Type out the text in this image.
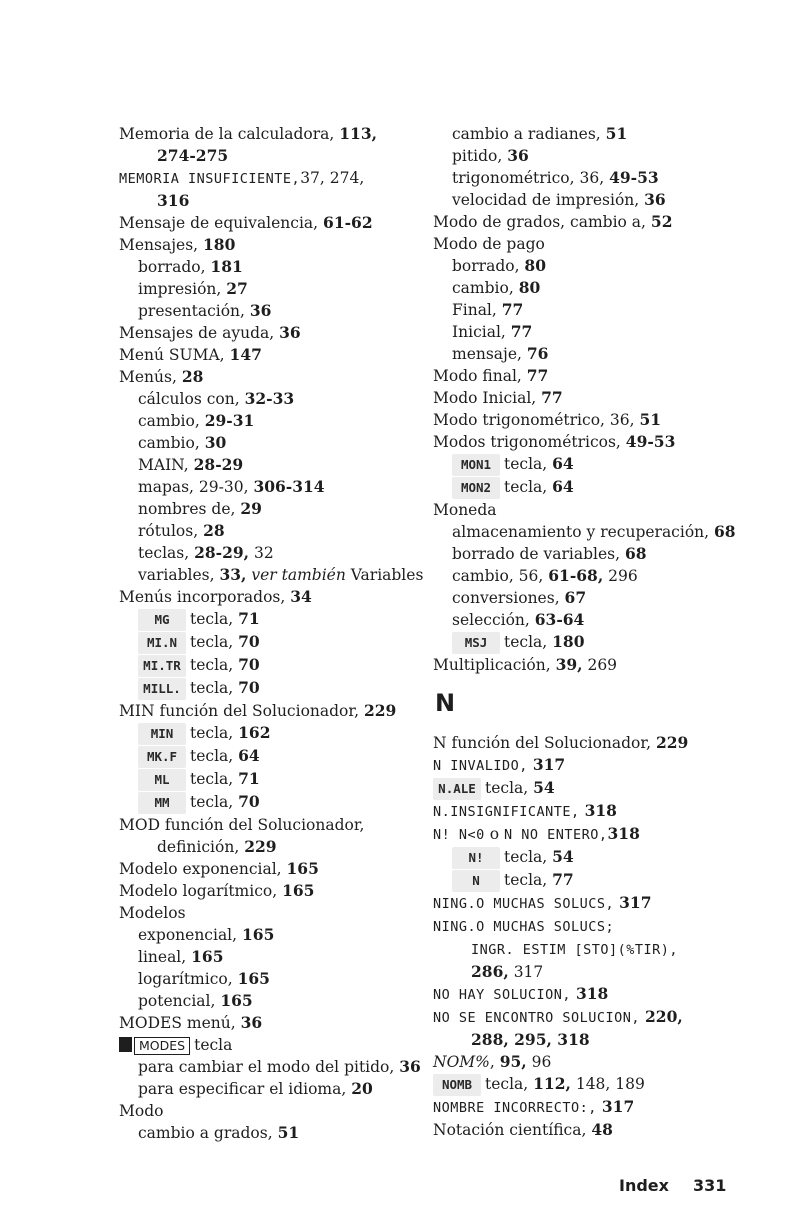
Memoria de la calculadora, 113,
274-275
MEMORIA INSUFICIENTE,37, 274,
316
Mensaje de equivalencia, 61-62
Mensajes, 180
borrado, 181
impresión, 27
presentación, 36
Mensajes de ayuda, 36
Menú SUMA, 147
Menús, 28
cálculos con, 32-33
cambio, 29-31
cambio, 30
MAIN, 28-29
mapas, 29-30, 306-314
nombres de, 29
rótulos, 28
teclas, 28-29, 32
variables, 33, ver también Variables
Menús incorporados, 34
MG tecla, 71
MI.N tecla, 70
MI.TR tecla, 70
MILL. tecla, 70
MIN función del Solucionador, 229
MIN tecla, 162
MK.F tecla, 64
ML tecla, 71
MM tecla, 70
MOD función del Solucionador,
definición, 229
Modelo exponencial, 165
Modelo logarítmico, 165
Modelos
exponencial, 165
lineal, 165
logarítmico, 165
potencial, 165
MODES menú, 36
MODES tecla
para cambiar el modo del pitido, 36
para especificar el idioma, 20
Modo
cambio a grados, 51
cambio a radianes, 51
pitido, 36
trigonométrico, 36, 49-53
velocidad de impresión, 36
Modo de grados, cambio a, 52
Modo de pago
borrado, 80
cambio, 80
Final, 77
Inicial, 77
mensaje, 76
Modo final, 77
Modo Inicial, 77
Modo trigonométrico, 36, 51
Modos trigonométricos, 49-53
MON1 tecla, 64
MON2 tecla, 64
Moneda
almacenamiento y recuperación, 68
borrado de variables, 68
cambio, 56, 61-68, 296
conversiones, 67
selección, 63-64
MSJ tecla, 180
Multiplicación, 39, 269
N
N función del Solucionador, 229
N INVALIDO, 317
N.ALE tecla, 54
N.INSIGNIFICANTE, 318
N! N<0 o N NO ENTERO,318
N! tecla, 54
N tecla, 77
NING.O MUCHAS SOLUCS, 317
NING.O MUCHAS SOLUCS;
INGR. ESTIM [STO](%TIR),
286, 317
NO HAY SOLUCION, 318
NO SE ENCONTRO SOLUCION, 220,
288, 295, 318
NOM%, 95, 96
NOMB tecla, 112, 148, 189
NOMBRE INCORRECTO:, 317
Notación científica, 48
Index 331
